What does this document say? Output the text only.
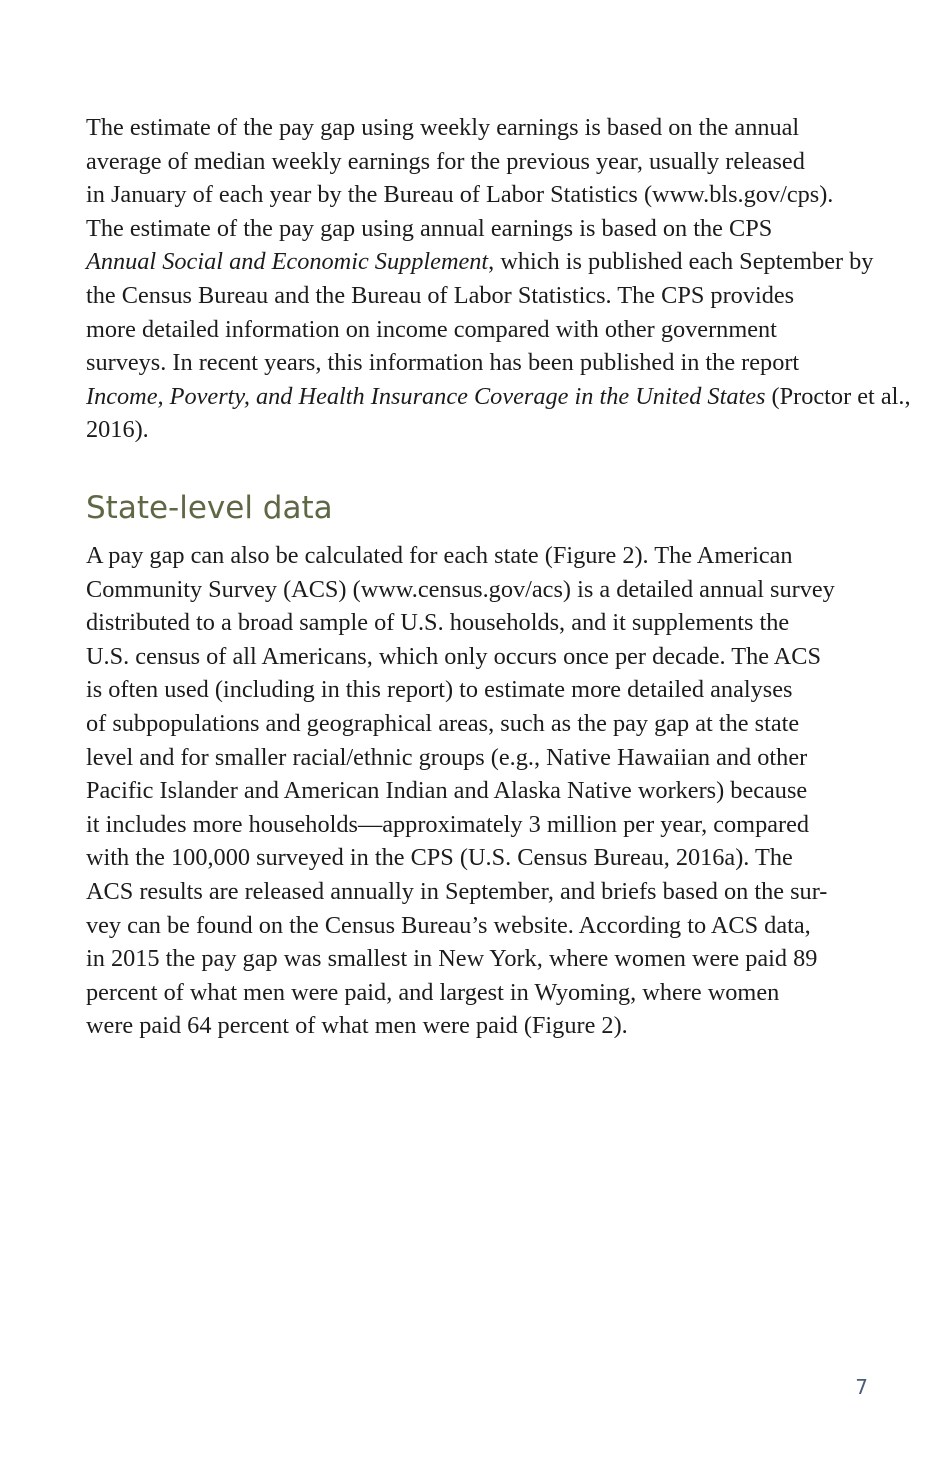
The estimate of the pay gap using weekly earnings is based on the annual
average of median weekly earnings for the previous year, usually released
in January of each year by the Bureau of Labor Statistics (www.bls.gov/cps).
The estimate of the pay gap using annual earnings is based on the CPS
Annual Social and Economic Supplement, which is published each September by
the Census Bureau and the Bureau of Labor Statistics. The CPS provides
more detailed information on income compared with other government
surveys. In recent years, this information has been published in the report
Income, Poverty, and Health Insurance Coverage in the United States (Proctor et al.,
2016).

State-level data

A pay gap can also be calculated for each state (Figure 2). The American
Community Survey (ACS) (www.census.gov/acs) is a detailed annual survey
distributed to a broad sample of U.S. households, and it supplements the
U.S. census of all Americans, which only occurs once per decade. The ACS
is often used (including in this report) to estimate more detailed analyses
of subpopulations and geographical areas, such as the pay gap at the state
level and for smaller racial/ethnic groups (e.g., Native Hawaiian and other
Pacific Islander and American Indian and Alaska Native workers) because
it includes more households—approximately 3 million per year, compared
with the 100,000 surveyed in the CPS (U.S. Census Bureau, 2016a). The
ACS results are released annually in September, and briefs based on the sur-
vey can be found on the Census Bureau’s website. According to ACS data,
in 2015 the pay gap was smallest in New York, where women were paid 89
percent of what men were paid, and largest in Wyoming, where women
were paid 64 percent of what men were paid (Figure 2).

7
